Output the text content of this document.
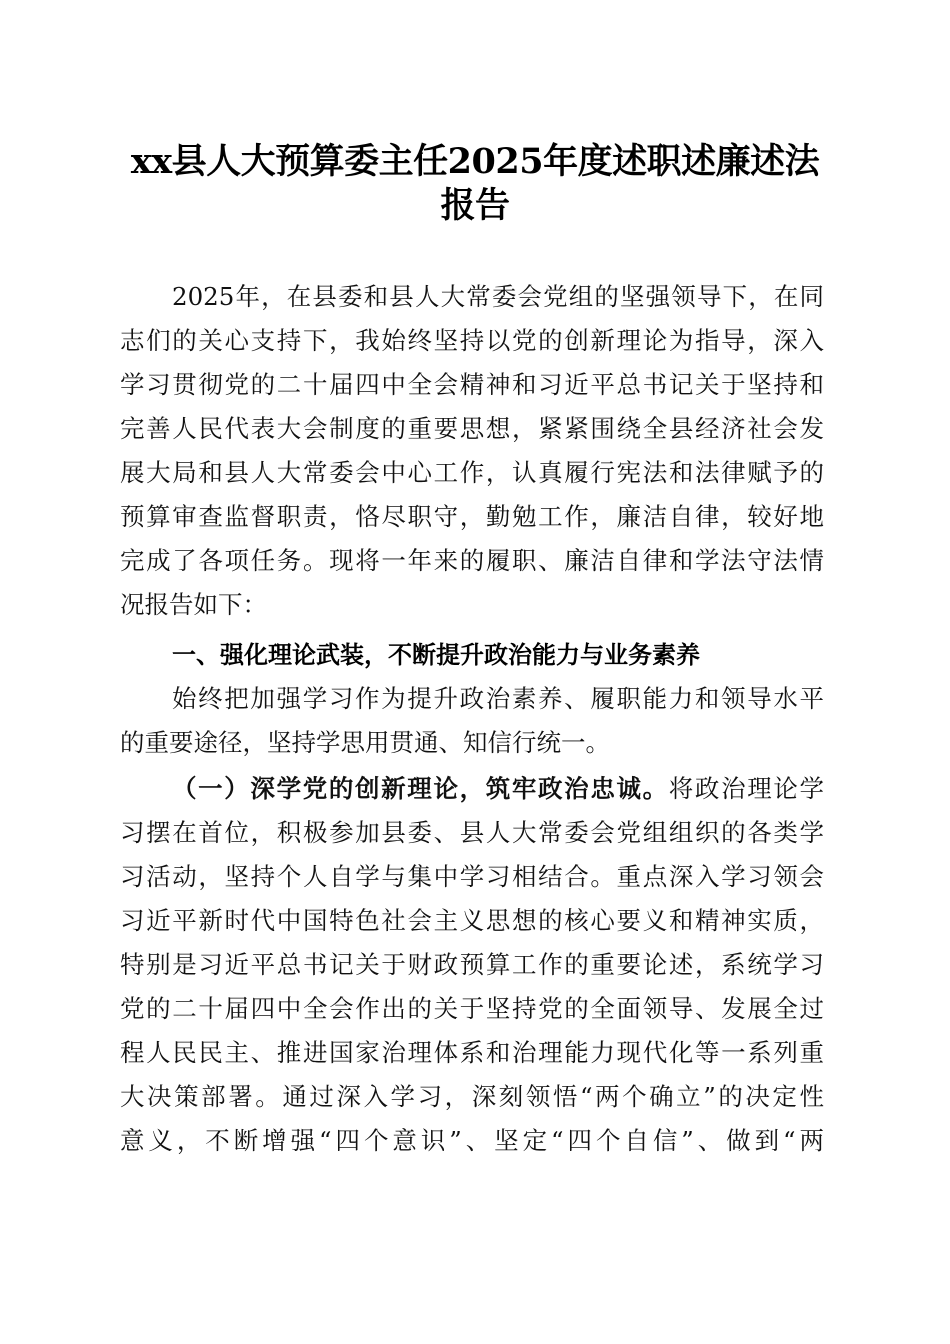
xx县人大预算委主任2025年度述职述廉述法
报告
2025年，在县委和县人大常委会党组的坚强领导下，在同
志们的关心支持下，我始终坚持以党的创新理论为指导，深入
学习贯彻党的二十届四中全会精神和习近平总书记关于坚持和
完善人民代表大会制度的重要思想，紧紧围绕全县经济社会发
展大局和县人大常委会中心工作，认真履行宪法和法律赋予的
预算审查监督职责，恪尽职守，勤勉工作，廉洁自律，较好地
完成了各项任务。现将一年来的履职、廉洁自律和学法守法情
况报告如下：
一、强化理论武装，不断提升政治能力与业务素养
始终把加强学习作为提升政治素养、履职能力和领导水平
的重要途径，坚持学思用贯通、知信行统一。
（一）深学党的创新理论，筑牢政治忠诚。将政治理论学
习摆在首位，积极参加县委、县人大常委会党组组织的各类学
习活动，坚持个人自学与集中学习相结合。重点深入学习领会
习近平新时代中国特色社会主义思想的核心要义和精神实质，
特别是习近平总书记关于财政预算工作的重要论述，系统学习
党的二十届四中全会作出的关于坚持党的全面领导、发展全过
程人民民主、推进国家治理体系和治理能力现代化等一系列重
大决策部署。通过深入学习，深刻领悟“两个确立”的决定性
意义，不断增强“四个意识”、坚定“四个自信”、做到“两
